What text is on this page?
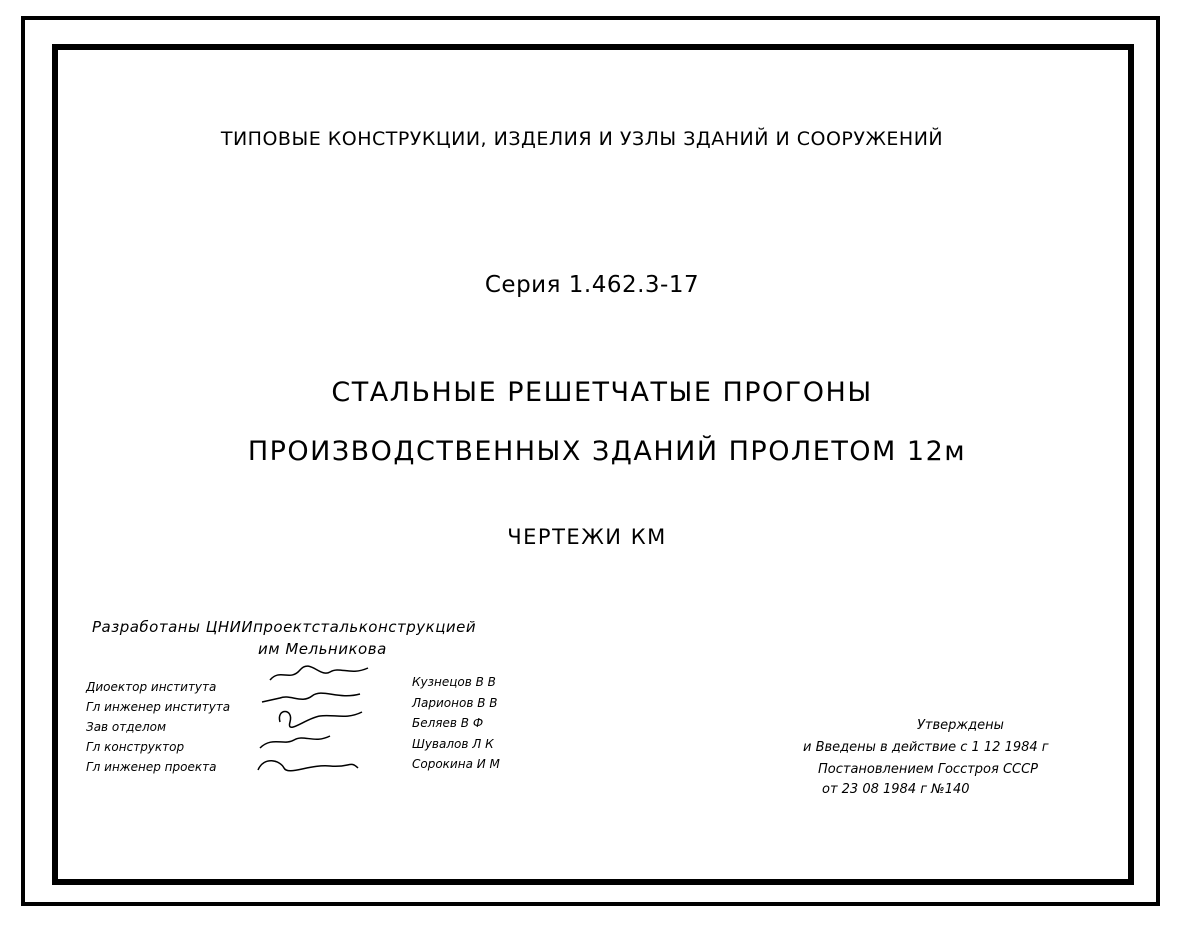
ТИПОВЫЕ КОНСТРУКЦИИ, ИЗДЕЛИЯ И УЗЛЫ ЗДАНИЙ И СООРУЖЕНИЙ
Серия 1.462.3-17
СТАЛЬНЫЕ РЕШЕТЧАТЫЕ ПРОГОНЫ
ПРОИЗВОДСТВЕННЫХ ЗДАНИЙ ПРОЛЕТОМ 12м
ЧЕРТЕЖИ КМ
Разработаны ЦНИИпроектстальконструкцией
им Мельникова
Диоектор института
Гл инженер института
Зав отделом
Гл конструктор
Гл инженер проекта
Кузнецов В В
Ларионов В В
Беляев В Ф
Шувалов Л К
Сорокина И М
Утверждены
и Введены в действие с 1 12 1984 г
Постановлением Госстроя СССР
от 23 08 1984 г №140
